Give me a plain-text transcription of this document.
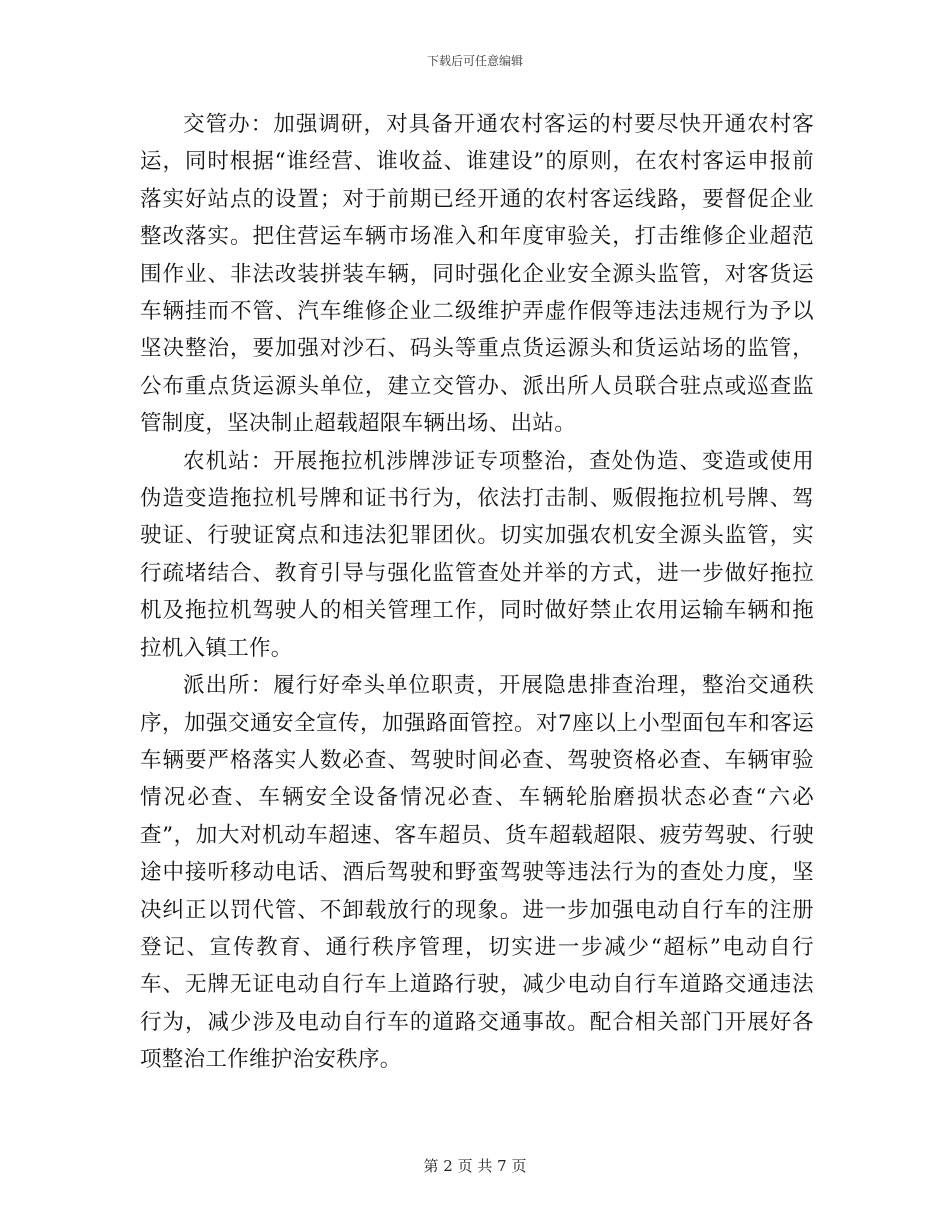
下载后可任意编辑

交管办：加强调研，对具备开通农村客运的村要尽快开通农村客运，同时根据“谁经营、谁收益、谁建设”的原则，在农村客运申报前落实好站点的设置；对于前期已经开通的农村客运线路，要督促企业整改落实。把住营运车辆市场准入和年度审验关，打击维修企业超范围作业、非法改装拼装车辆，同时强化企业安全源头监管，对客货运车辆挂而不管、汽车维修企业二级维护弄虚作假等违法违规行为予以坚决整治，要加强对沙石、码头等重点货运源头和货运站场的监管，公布重点货运源头单位，建立交管办、派出所人员联合驻点或巡查监管制度，坚决制止超载超限车辆出场、出站。

农机站：开展拖拉机涉牌涉证专项整治，查处伪造、变造或使用伪造变造拖拉机号牌和证书行为，依法打击制、贩假拖拉机号牌、驾驶证、行驶证窝点和违法犯罪团伙。切实加强农机安全源头监管，实行疏堵结合、教育引导与强化监管查处并举的方式，进一步做好拖拉机及拖拉机驾驶人的相关管理工作，同时做好禁止农用运输车辆和拖拉机入镇工作。

派出所：履行好牵头单位职责，开展隐患排查治理，整治交通秩序，加强交通安全宣传，加强路面管控。对7座以上小型面包车和客运车辆要严格落实人数必查、驾驶时间必查、驾驶资格必查、车辆审验情况必查、车辆安全设备情况必查、车辆轮胎磨损状态必查“六必查”，加大对机动车超速、客车超员、货车超载超限、疲劳驾驶、行驶途中接听移动电话、酒后驾驶和野蛮驾驶等违法行为的查处力度，坚决纠正以罚代管、不卸载放行的现象。进一步加强电动自行车的注册登记、宣传教育、通行秩序管理，切实进一步减少“超标”电动自行车、无牌无证电动自行车上道路行驶，减少电动自行车道路交通违法行为，减少涉及电动自行车的道路交通事故。配合相关部门开展好各项整治工作维护治安秩序。

第 2 页 共 7 页
